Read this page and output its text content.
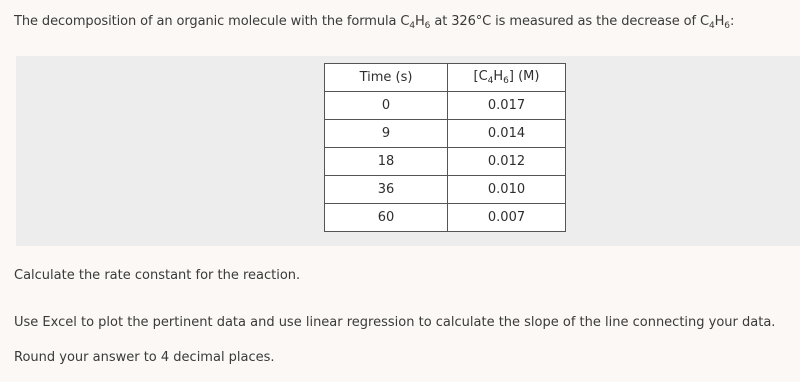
The decomposition of an organic molecule with the formula $C_4H_6$ at 326°C is measured as the decrease of $C_4H_6$:
Time (s)	$[C_4H_6]$ (M)
0	0.017
9	0.014
18	0.012
36	0.010
60	0.007
Calculate the rate constant for the reaction.
Use Excel to plot the pertinent data and use linear regression to calculate the slope of the line connecting your data.
Round your answer to 4 decimal places.
